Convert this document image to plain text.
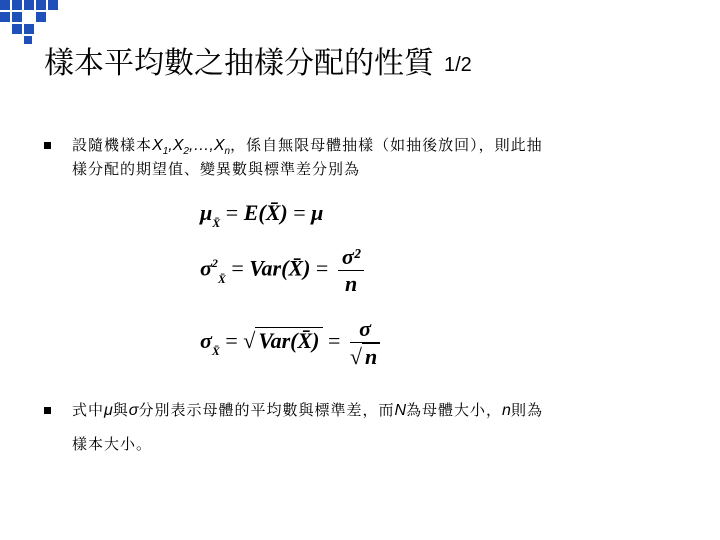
樣本平均數之抽樣分配的性質 1/2
設隨機樣本$X_1,X_2,\dots,X_n$，係自無限母體抽樣（如抽後放回），則此抽
樣分配的期望值、變異數與標準差分別為
$\mu_{X̄}$ = E(X̄) = μ
$\sigma^2_{X̄}$ = Var(X̄) = $\frac{\text{σ²}}{n}$
$\sigma_{X̄}$ = √ Var(X̄) = $\frac{\sigma}{√ n}$
式中μ與σ分別表示母體的平均數與標準差，而N為母體大小，n則為
樣本大小。
